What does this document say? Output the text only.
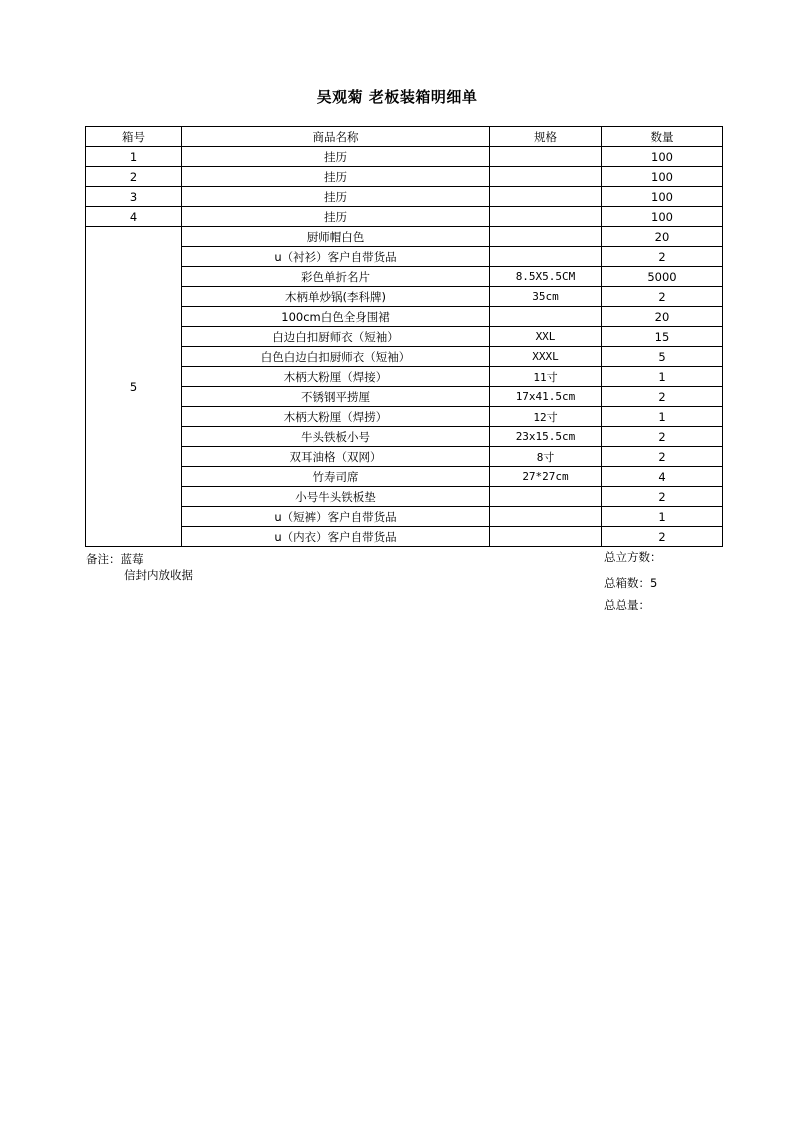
吴观菊 老板装箱明细单
箱号	商品名称	规格	数量
1	挂历		100
2	挂历		100
3	挂历		100
4	挂历		100
5	厨师帽白色		20
	u（衬衫）客户自带货品		2
	彩色单折名片	8.5X5.5CM	5000
	木柄单炒锅(李科牌)	35cm	2
	100cm白色全身围裙		20
	白边白扣厨师衣（短袖）	XXL	15
	白色白边白扣厨师衣（短袖）	XXXL	5
	木柄大粉厘（焊接）	11寸	1
	不锈钢平捞厘	17x41.5cm	2
	木柄大粉厘（焊捞）	12寸	1
	牛头铁板小号	23x15.5cm	2
	双耳油格（双网）	8寸	2
	竹寿司席	27*27cm	4
	小号牛头铁板垫		2
	u（短裤）客户自带货品		1
	u（内衣）客户自带货品		2
备注：蓝莓
信封内放收据
总立方数：
总箱数：5
总总量：
